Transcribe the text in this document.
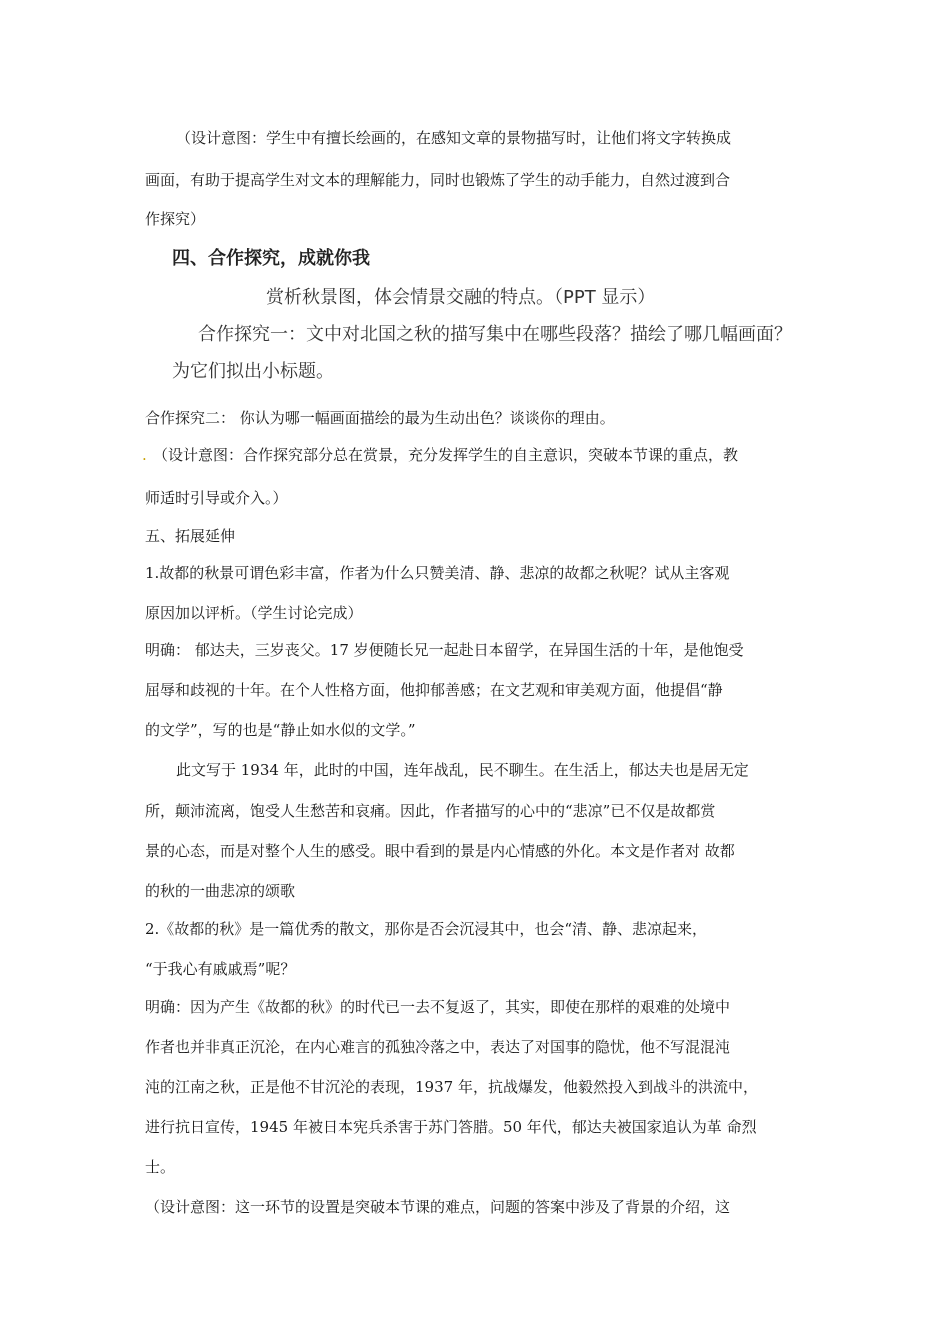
（设计意图：学生中有擅长绘画的，在感知文章的景物描写时，让他们将文字转换成

画面，有助于提高学生对文本的理解能力，同时也锻炼了学生的动手能力，自然过渡到合

作探究）

四、合作探究，成就你我

赏析秋景图，体会情景交融的特点。（PPT 显示）

合作探究一：文中对北国之秋的描写集中在哪些段落？描绘了哪几幅画面？

为它们拟出小标题。

合作探究二： 你认为哪一幅画面描绘的最为生动出色？谈谈你的理由。

. （设计意图：合作探究部分总在赏景，充分发挥学生的自主意识，突破本节课的重点，教

师适时引导或介入。）

五、拓展延伸

1.故都的秋景可谓色彩丰富，作者为什么只赞美清、静、悲凉的故都之秋呢？试从主客观

原因加以评析。（学生讨论完成）

明确： 郁达夫，三岁丧父。17 岁便随长兄一起赴日本留学，在异国生活的十年，是他饱受

屈辱和歧视的十年。在个人性格方面，他抑郁善感；在文艺观和审美观方面，他提倡“静

的文学”，写的也是“静止如水似的文学。”

此文写于 1934 年，此时的中国，连年战乱，民不聊生。在生活上，郁达夫也是居无定

所，颠沛流离，饱受人生愁苦和哀痛。因此，作者描写的心中的“悲凉”已不仅是故都赏

景的心态，而是对整个人生的感受。眼中看到的景是内心情感的外化。本文是作者对 故都

的秋的一曲悲凉的颂歌

2.《故都的秋》是一篇优秀的散文，那你是否会沉浸其中，也会“清、静、悲凉起来，

“于我心有戚戚焉”呢？

明确：因为产生《故都的秋》的时代已一去不复返了，其实，即使在那样的艰难的处境中

作者也并非真正沉沦，在内心难言的孤独冷落之中，表达了对国事的隐忧，他不写混混沌

沌的江南之秋，正是他不甘沉沦的表现，1937 年，抗战爆发，他毅然投入到战斗的洪流中，

进行抗日宣传，1945 年被日本宪兵杀害于苏门答腊。50 年代，郁达夫被国家追认为革 命烈

士。

（设计意图：这一环节的设置是突破本节课的难点，问题的答案中涉及了背景的介绍，这
